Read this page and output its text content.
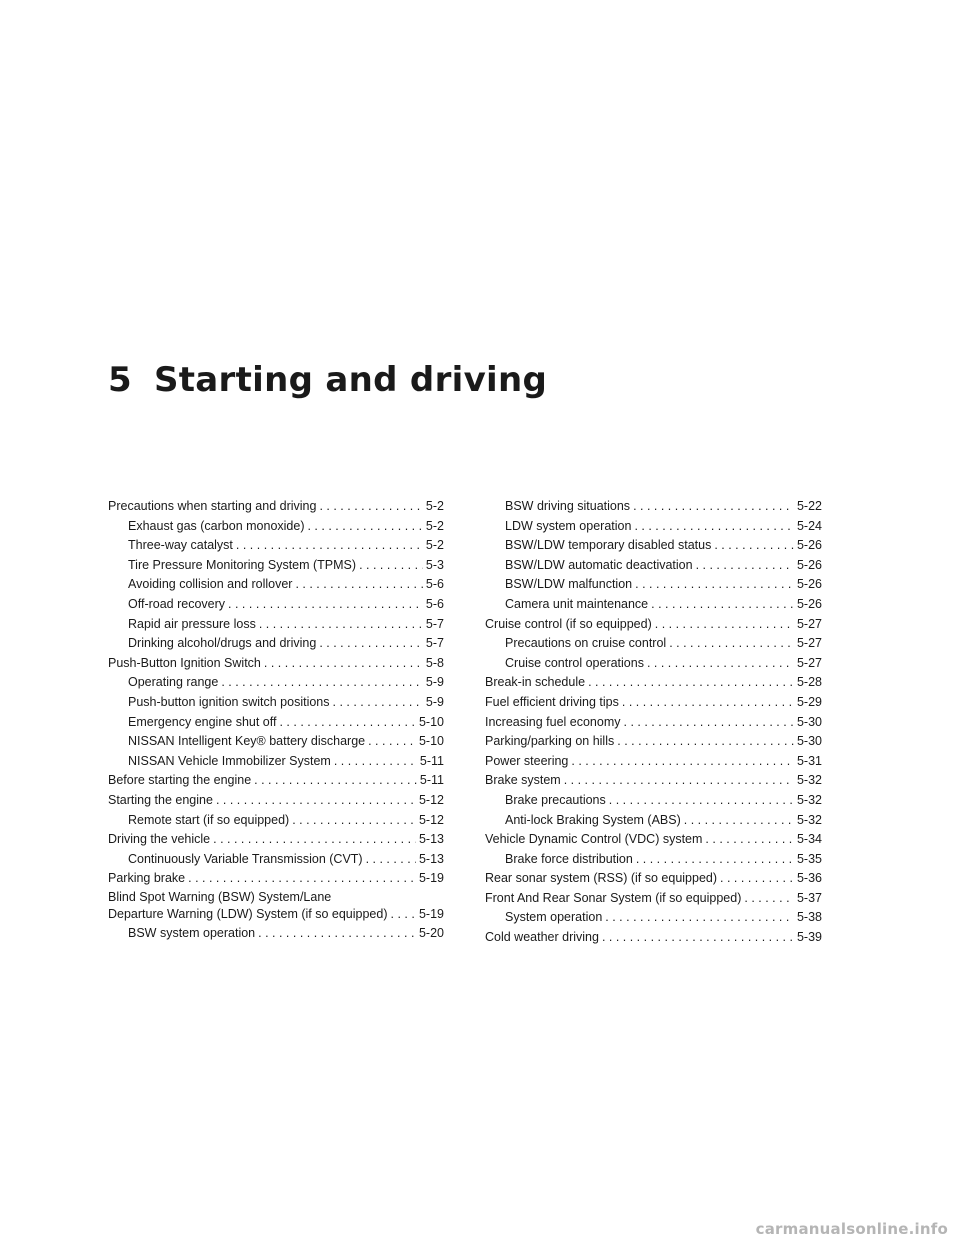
5 Starting and driving
Precautions when starting and driving . . .	5-2
Exhaust gas (carbon monoxide) . . .	5-2
Three-way catalyst . . .	5-2
Tire Pressure Monitoring System (TPMS) . . .	5-3
Avoiding collision and rollover . . .	5-6
Off-road recovery . . .	5-6
Rapid air pressure loss . . .	5-7
Drinking alcohol/drugs and driving . . .	5-7
Push-Button Ignition Switch . . .	5-8
Operating range . . .	5-9
Push-button ignition switch positions . . .	5-9
Emergency engine shut off . . .	5-10
NISSAN Intelligent Key® battery discharge . . .	5-10
NISSAN Vehicle Immobilizer System . . .	5-11
Before starting the engine . . .	5-11
Starting the engine . . .	5-12
Remote start (if so equipped) . . .	5-12
Driving the vehicle . . .	5-13
Continuously Variable Transmission (CVT) . . .	5-13
Parking brake . . .	5-19
Blind Spot Warning (BSW) System/Lane
Departure Warning (LDW) System (if so equipped) . . .	5-19
BSW system operation . . .	5-20
BSW driving situations . . .	5-22
LDW system operation . . .	5-24
BSW/LDW temporary disabled status . . .	5-26
BSW/LDW automatic deactivation . . .	5-26
BSW/LDW malfunction . . .	5-26
Camera unit maintenance . . .	5-26
Cruise control (if so equipped) . . .	5-27
Precautions on cruise control . . .	5-27
Cruise control operations . . .	5-27
Break-in schedule . . .	5-28
Fuel efficient driving tips . . .	5-29
Increasing fuel economy . . .	5-30
Parking/parking on hills . . .	5-30
Power steering . . .	5-31
Brake system . . .	5-32
Brake precautions . . .	5-32
Anti-lock Braking System (ABS) . . .	5-32
Vehicle Dynamic Control (VDC) system . . .	5-34
Brake force distribution . . .	5-35
Rear sonar system (RSS) (if so equipped) . . .	5-36
Front And Rear Sonar System (if so equipped) . . .	5-37
System operation . . .	5-38
Cold weather driving . . .	5-39

carmanualsonline.info
